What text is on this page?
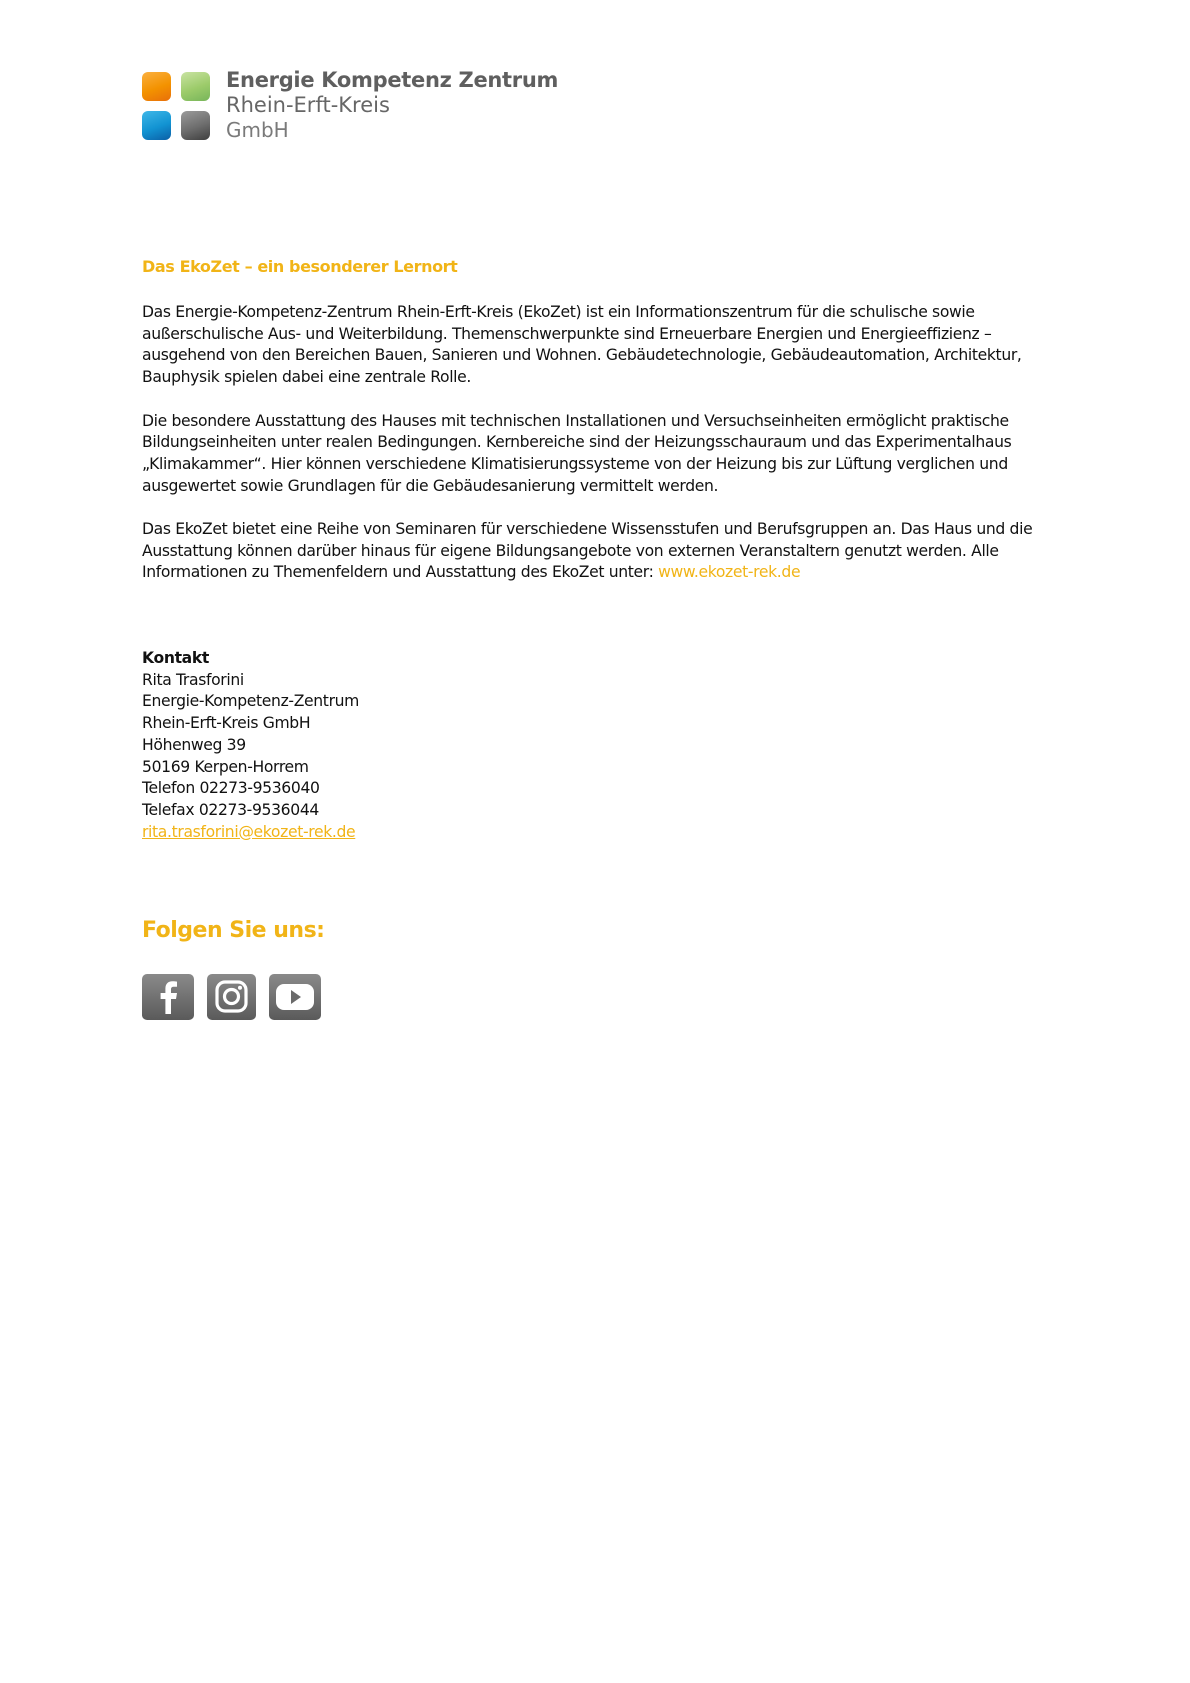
Energie Kompetenz Zentrum
Rhein-Erft-Kreis
GmbH
Das EkoZet – ein besonderer Lernort

Das Energie-Kompetenz-Zentrum Rhein-Erft-Kreis (EkoZet) ist ein Informationszentrum für die schulische sowie außerschulische Aus- und Weiterbildung. Themenschwerpunkte sind Erneuerbare Energien und Energieeffizienz – ausgehend von den Bereichen Bauen, Sanieren und Wohnen. Gebäudetechnologie, Gebäudeautomation, Architektur, Bauphysik spielen dabei eine zentrale Rolle.

Die besondere Ausstattung des Hauses mit technischen Installationen und Versuchseinheiten ermöglicht praktische Bildungseinheiten unter realen Bedingungen. Kernbereiche sind der Heizungsschauraum und das Experimentalhaus „Klimakammer“. Hier können verschiedene Klimatisierungssysteme von der Heizung bis zur Lüftung verglichen und ausgewertet sowie Grundlagen für die Gebäudesanierung vermittelt werden.

Das EkoZet bietet eine Reihe von Seminaren für verschiedene Wissensstufen und Berufsgruppen an. Das Haus und die Ausstattung können darüber hinaus für eigene Bildungsangebote von externen Veranstaltern genutzt werden. Alle Informationen zu Themenfeldern und Ausstattung des EkoZet unter: www.ekozet-rek.de

Kontakt
Rita Trasforini
Energie-Kompetenz-Zentrum
Rhein-Erft-Kreis GmbH
Höhenweg 39
50169 Kerpen-Horrem
Telefon 02273-9536040
Telefax 02273-9536044
rita.trasforini@ekozet-rek.de
Folgen Sie uns:
